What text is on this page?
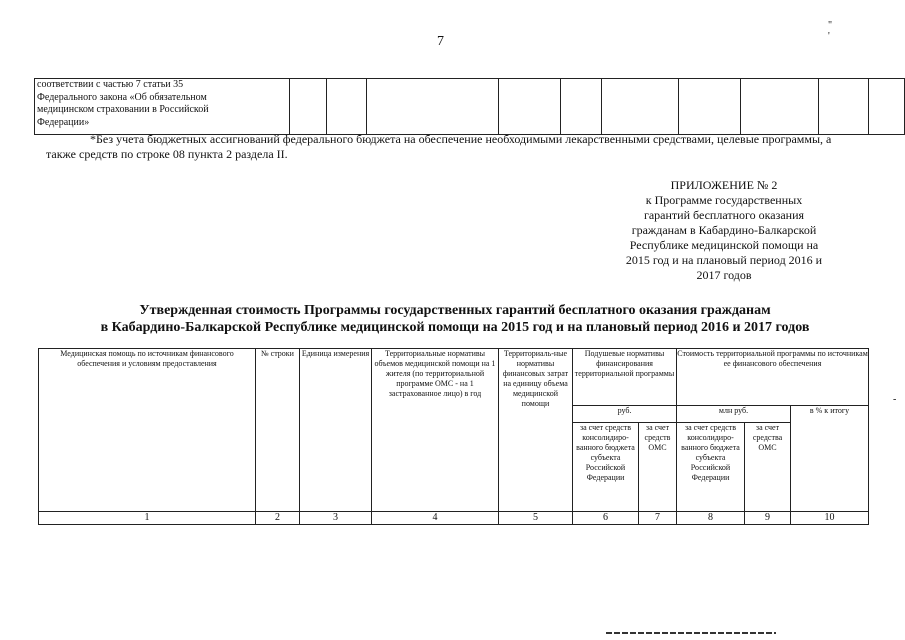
" '
7
соответствии с частью 7 статьи 35
Федерального закона «Об обязательном
медицинском страховании в Российской
Федерации»

*Без учета бюджетных ассигнований федерального бюджета на обеспечение необходимыми лекарственными средствами, целевые программы, а также средств по строке 08 пункта 2 раздела II.
ПРИЛОЖЕНИЕ № 2
к Программе государственных
гарантий бесплатного оказания
гражданам в Кабардино-Балкарской
Республике медицинской помощи на
2015 год и на плановый период 2016 и
2017 годов
Утвержденная стоимость Программы государственных гарантий бесплатного оказания гражданам
в Кабардино-Балкарской Республике медицинской помощи на 2015 год и на плановый период 2016 и 2017 годов
-
Медицинская помощь по источникам финансового обеспечения и условиям предоставления	№ строки	Единица измерения	Территориальные нормативы объемов медицинской помощи на 1 жителя (по территориальной программе ОМС - на 1 застрахованное лицо) в год	Территориаль-ные нормативы финансовых затрат на единицу объема медицинской помощи	Подушевые нормативы финансирования территориальной программы		Стоимость территориальной программы по источникам ее финансового обеспечения		
					руб.		млн руб.		в % к итогу
					за счет средств консолидиро-ванного бюджета субъекта Российской Федерации	за счет средств ОМС	за счет средств консолидиро-ванного бюджета субъекта Российской Федерации	за счет средства ОМС	
1	2	3	4	5	6	7	8	9	10
